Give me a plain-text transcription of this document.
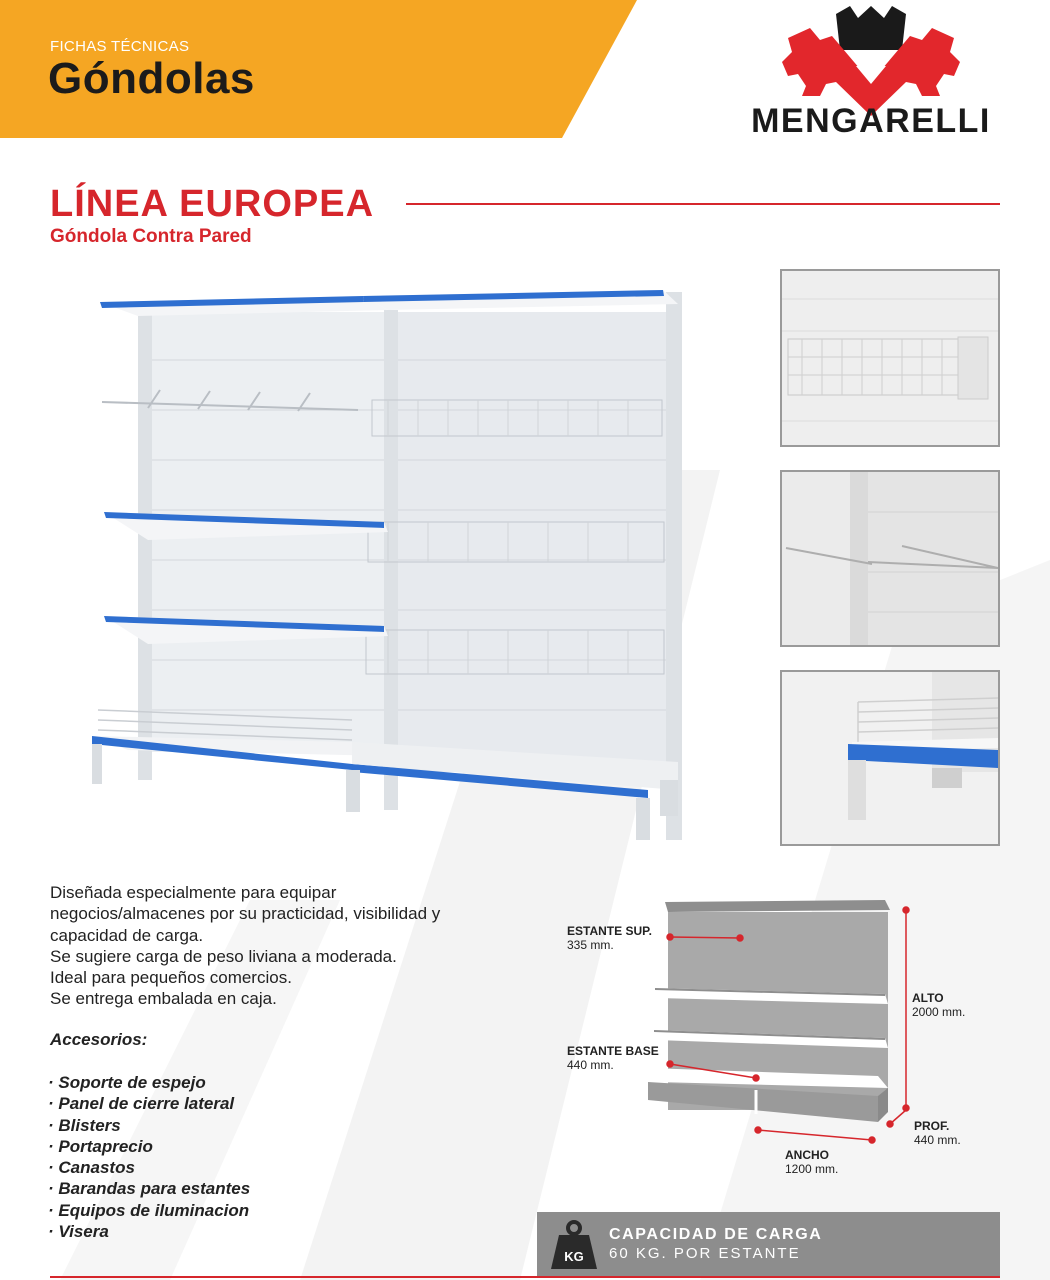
FICHAS TÉCNICAS
Góndolas
MENGARELLI
LÍNEA EUROPEA
Góndola Contra Pared

Diseñada especialmente para equipar

negocios/almacenes por su practicidad, visibilidad y

capacidad de carga.

Se sugiere carga de peso liviana a moderada.

Ideal para pequeños comercios.

Se entrega embalada en caja.

Accesorios:
· Soporte de espejo
· Panel de cierre lateral
· Blisters
· Portaprecio
· Canastos
· Barandas para estantes
· Equipos de iluminacion
· Visera
ESTANTE SUP.
335 mm.
ESTANTE BASE
440 mm.
ALTO
2000 mm.
PROF.
440 mm.
ANCHO
1200 mm.
KG
CAPACIDAD DE CARGA
60 KG. POR ESTANTE
